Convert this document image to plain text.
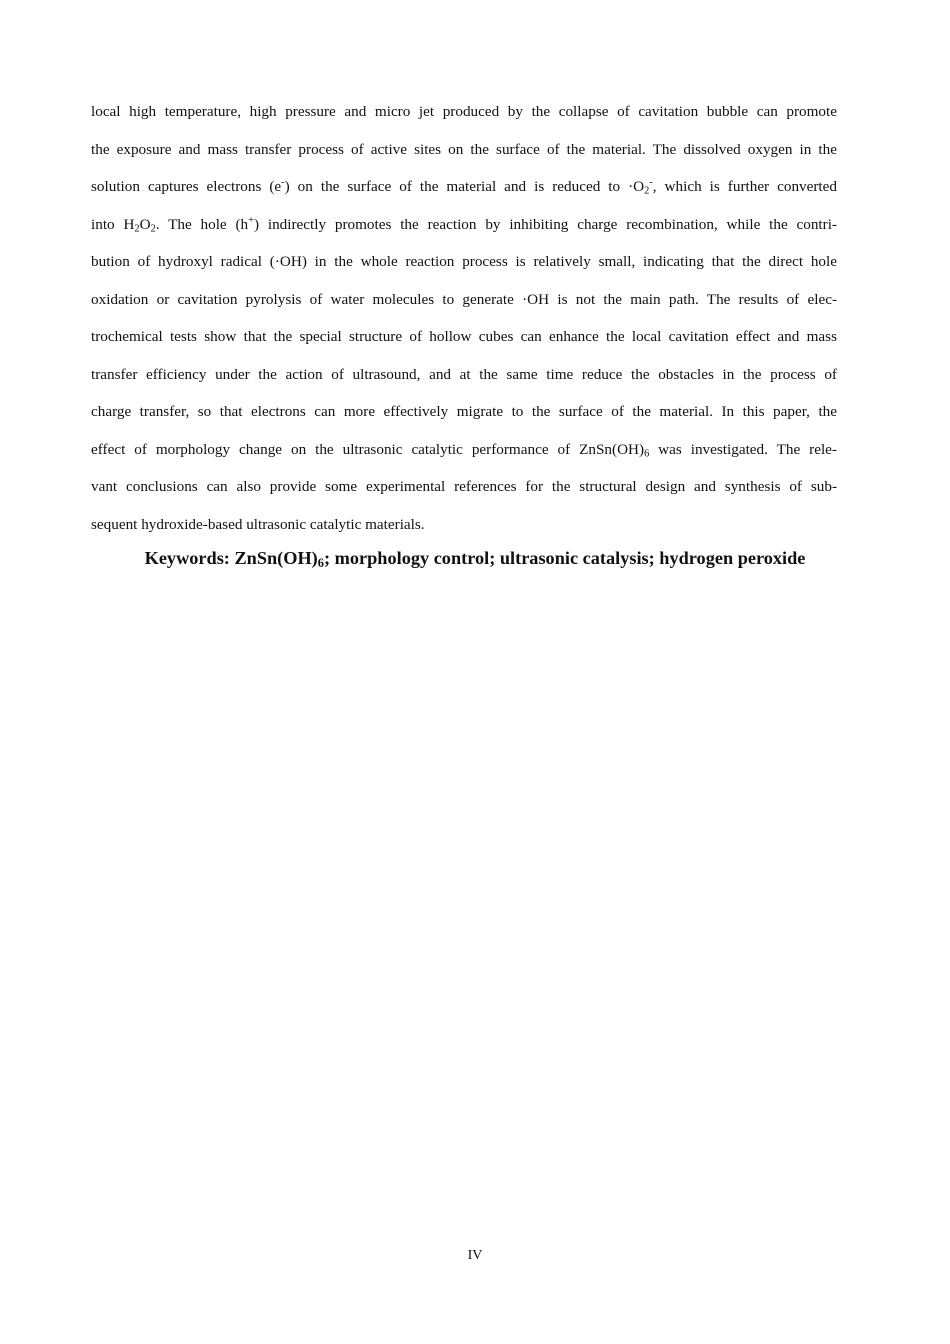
local high temperature, high pressure and micro jet produced by the collapse of cavitation bubble can promote
the exposure and mass transfer process of active sites on the surface of the material. The dissolved oxygen in the
solution captures electrons (e-) on the surface of the material and is reduced to $\cdot O_2^-$, which is further converted
into $H_2O_2$. The hole (h+) indirectly promotes the reaction by inhibiting charge recombination, while the contri-
bution of hydroxyl radical (·OH) in the whole reaction process is relatively small, indicating that the direct hole
oxidation or cavitation pyrolysis of water molecules to generate ·OH is not the main path. The results of elec-
trochemical tests show that the special structure of hollow cubes can enhance the local cavitation effect and mass
transfer efficiency under the action of ultrasound, and at the same time reduce the obstacles in the process of
charge transfer, so that electrons can more effectively migrate to the surface of the material. In this paper, the
effect of morphology change on the ultrasonic catalytic performance of $ZnSn(OH)_6$ was investigated. The rele-
vant conclusions can also provide some experimental references for the structural design and synthesis of sub-
sequent hydroxide-based ultrasonic catalytic materials.
Keywords: $ZnSn(OH)_6$; morphology control; ultrasonic catalysis; hydrogen peroxide
IV
